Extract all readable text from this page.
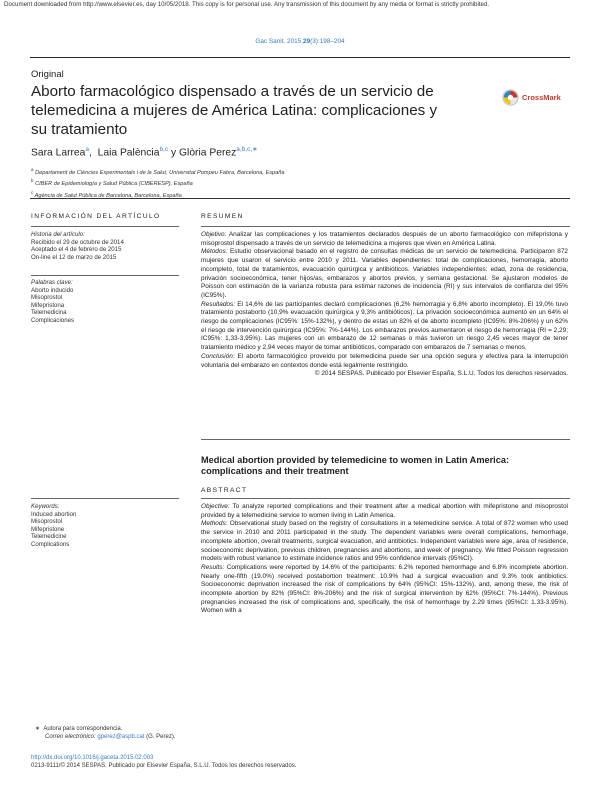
Document downloaded from http://www.elsevier.es, day 10/05/2018. This copy is for personal use. Any transmission of this document by any media or format is strictly prohibited.
Gac Sanit. 2015;29(3):198–204
Original
Aborto farmacológico dispensado a través de un servicio de telemedicina a mujeres de América Latina: complicaciones y su tratamiento
CrossMark
Sara Larrea$^a$,  Laia Palència$^{b,c}$ y Glòria Perez$^{a,b,c,∗}$
$^a$ Departament de Ciències Experimentals i de la Salut, Universitat Pompeu Fabra, Barcelona, España
$^b$ CIBER de Epidemiología y Salud Pública (CIBERESP), España
$^c$ Agència de Salut Pública de Barcelona, Barcelona, España
INFORMACIÓN DEL ARTÍCULO
Historia del artículo:
Recibido el 29 de octubre de 2014
Aceptado el 4 de febrero de 2015
On-line el 12 de marzo de 2015
Palabras clave:
Aborto inducido
Misoprostol
Mifepristona
Telemedicina
Complicaciones
RESUMEN
Objetivo: Analizar las complicaciones y los tratamientos declarados después de un aborto farmacológico con mifepristona y misoprostol dispensado a través de un servicio de telemedicina a mujeres que viven en América Latina.
Métodos: Estudio observacional basado en el registro de consultas médicas de un servicio de telemedicina. Participaron 872 mujeres que usaron el servicio entre 2010 y 2011. Variables dependientes: total de complicaciones, hemorragia, aborto incompleto, total de tratamientos, evacuación quirúrgica y antibióticos. Variables independientes: edad, zona de residencia, privación socioeconómica, tener hijos/as, embarazos y abortos previos, y semana gestacional. Se ajustaron modelos de Poisson con estimación de la varianza robusta para estimar razones de incidencia (RI) y sus intervalos de confianza del 95% (IC95%).
Resultados: El 14,6% de las participantes declaró complicaciones (6,2% hemorragia y 6,8% aborto incompleto). El 19,0% tuvo tratamiento postaborto (10,9% evacuación quirúrgica y 9,3% antibióticos). La privación socioeconómica aumentó en un 64% el riesgo de complicaciones (IC95%: 15%-132%), y dentro de estas un 82% el de aborto incompleto (IC95%: 8%-206%) y un 62% el riesgo de intervención quirúrgica (IC95%: 7%-144%). Los embarazos previos aumentaron el riesgo de hemorragia (RI = 2,29; IC95%: 1,33-3,95%). Las mujeres con un embarazo de 12 semanas o más tuvieron un riesgo 2,45 veces mayor de tener tratamiento médico y 2,94 veces mayor de tomar antibióticos, comparado con embarazos de 7 semanas o menos.
Conclusión: El aborto farmacológico proveído por telemedicina puede ser una opción segura y efectiva para la interrupción voluntaria del embarazo en contextos donde está legalmente restringido.
© 2014 SESPAS. Publicado por Elsevier España, S.L.U. Todos los derechos reservados.
Medical abortion provided by telemedicine to women in Latin America: complications and their treatment
ABSTRACT
Keywords:
Induced abortion
Misoprostol
Mifepristone
Telemedicine
Complications
Objective: To analyze reported complications and their treatment after a medical abortion with mifepristone and misoprostol provided by a telemedicine service to women living in Latin America.
Methods: Observational study based on the registry of consultations in a telemedicine service. A total of 872 women who used the service in 2010 and 2011 participated in the study. The dependent variables were overall complications, hemorrhage, incomplete abortion, overall treatments, surgical evacuation, and antibiotics. Independent variables were age, area of residence, socioeconomic deprivation, previous children, pregnancies and abortions, and week of pregnancy. We fitted Poisson regression models with robust variance to estimate incidence ratios and 95% confidence intervals (95%CI).
Results: Complications were reported by 14.6% of the participants: 6.2% reported hemorrhage and 6.8% incomplete abortion. Nearly one-fifth (19.0%) received postabortion treatment: 10.9% had a surgical evacuation and 9.3% took antibiotics. Socioeconomic deprivation increased the risk of complications by 64% (95%CI: 15%-132%), and, among these, the risk of incomplete abortion by 82% (95%CI: 8%-206%) and the risk of surgical intervention by 62% (95%CI: 7%-144%). Previous pregnancies increased the risk of complications and, specifically, the risk of hemorrhage by 2.29 times (95%CI: 1.33-3.95%). Women with a
∗ Autora para correspondencia.
Correo electrónico: gperez@aspb.cat (G. Perez).
http://dx.doi.org/10.1016/j.gaceta.2015.02.003
0213-9111/© 2014 SESPAS. Publicado por Elsevier España, S.L.U. Todos los derechos reservados.
